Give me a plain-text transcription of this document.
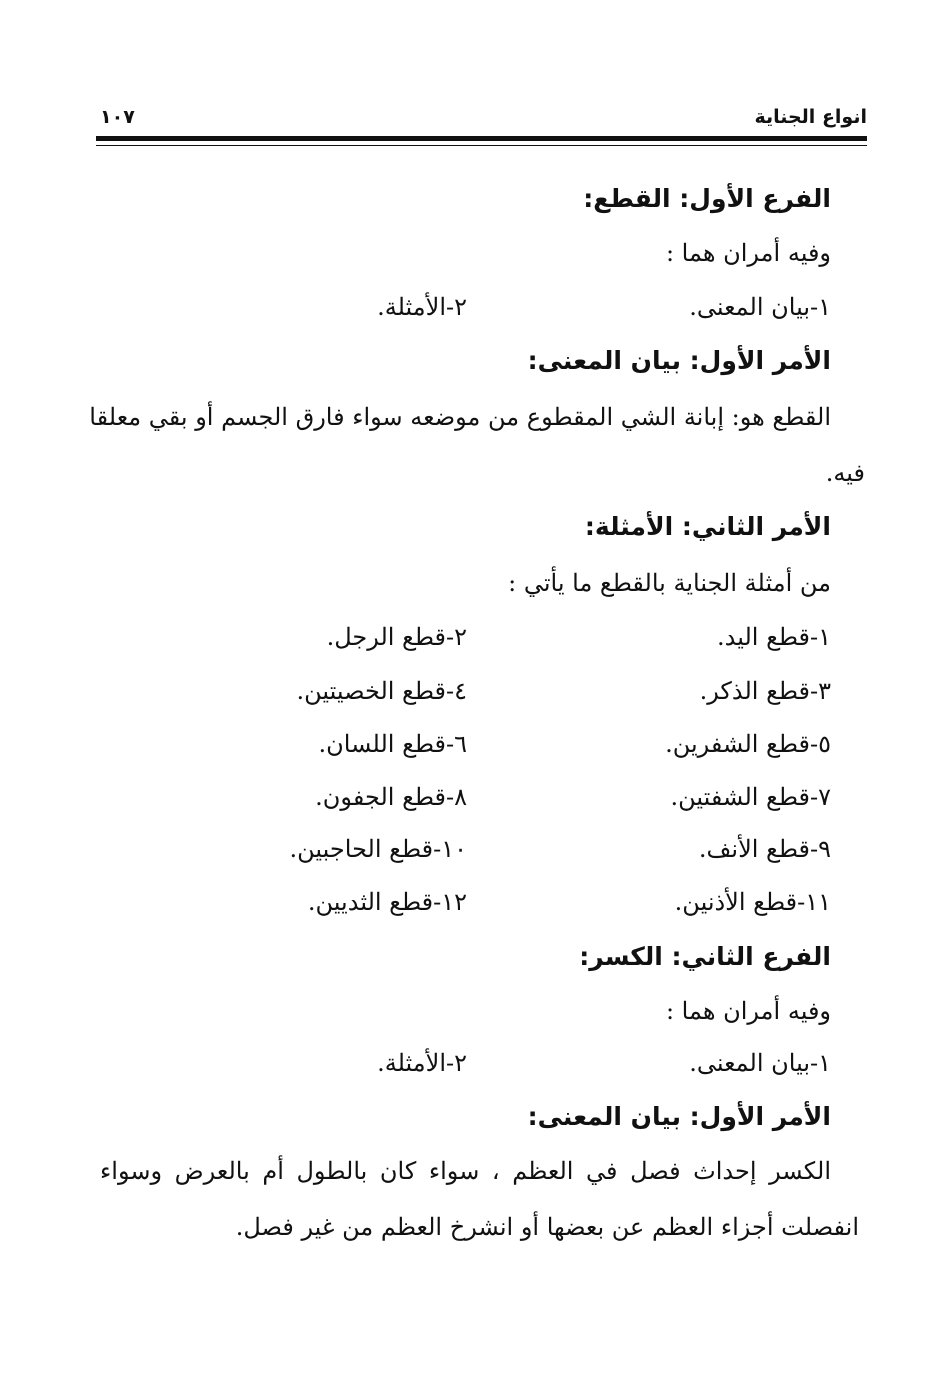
انواع الجناية
١٠٧
الفرع الأول: القطع:
وفيه أمران هما :
١-بيان المعنى.
٢-الأمثلة.
الأمر الأول: بيان المعنى:
القطع هو: إبانة الشي المقطوع من موضعه سواء فارق الجسم أو بقي معلقا
فيه.
الأمر الثاني: الأمثلة:
من أمثلة الجناية بالقطع ما يأتي :
١-قطع اليد.
٢-قطع الرجل.
٣-قطع الذكر.
٤-قطع الخصيتين.
٥-قطع الشفرين.
٦-قطع اللسان.
٧-قطع الشفتين.
٨-قطع الجفون.
٩-قطع الأنف.
١٠-قطع الحاجبين.
١١-قطع الأذنين.
١٢-قطع الثديين.
الفرع الثاني: الكسر:
وفيه أمران هما :
١-بيان المعنى.
٢-الأمثلة.
الأمر الأول: بيان المعنى:
الكسر إحداث فصل في العظم ، سواء كان بالطول أم بالعرض وسواء
انفصلت أجزاء العظم عن بعضها أو انشرخ العظم من غير فصل.
